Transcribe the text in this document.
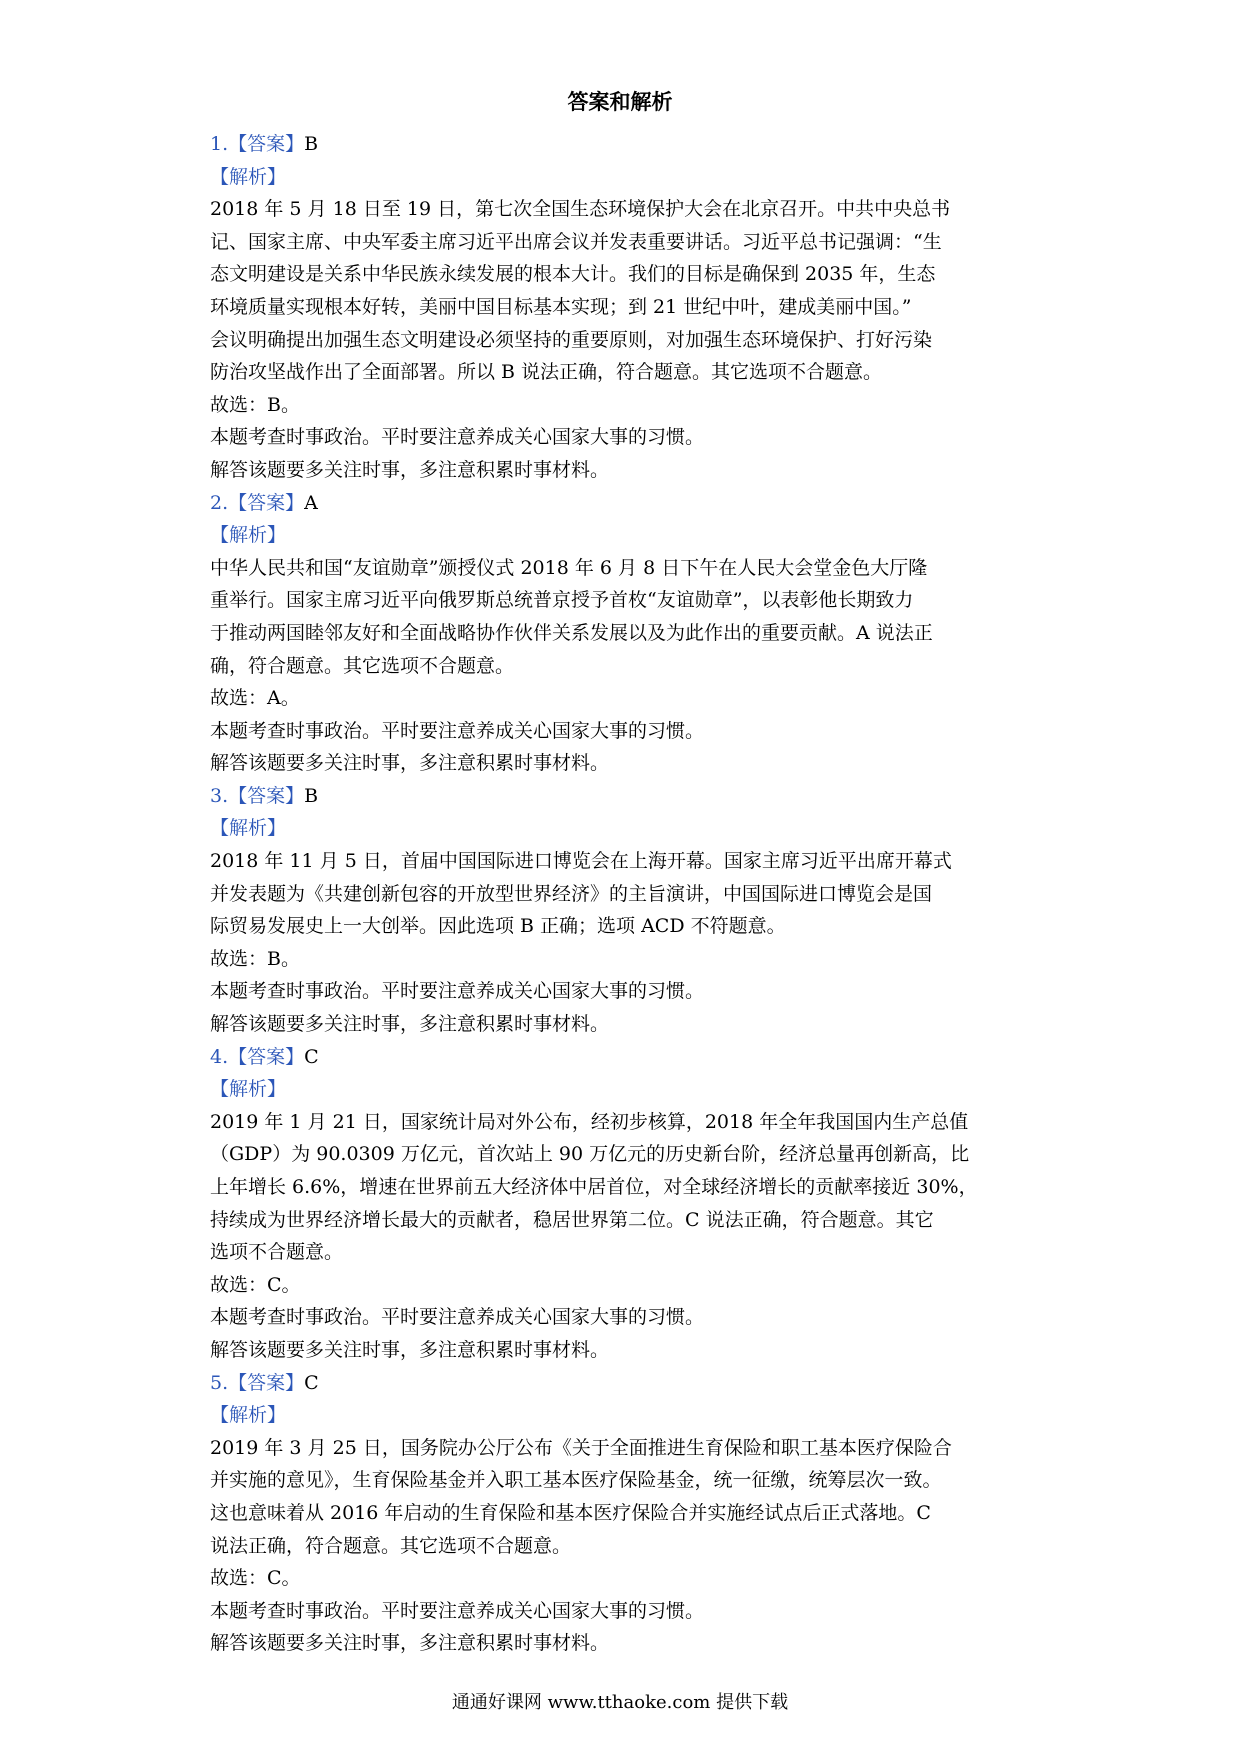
答案和解析
1.【答案】B
【解析】
2018 年 5 月 18 日至 19 日，第七次全国生态环境保护大会在北京召开。中共中央总书
记、国家主席、中央军委主席习近平出席会议并发表重要讲话。习近平总书记强调：“生
态文明建设是关系中华民族永续发展的根本大计。我们的目标是确保到 2035 年，生态
环境质量实现根本好转，美丽中国目标基本实现；到 21 世纪中叶，建成美丽中国。”
会议明确提出加强生态文明建设必须坚持的重要原则，对加强生态环境保护、打好污染
防治攻坚战作出了全面部署。所以 B 说法正确，符合题意。其它选项不合题意。
故选：B。
本题考查时事政治。平时要注意养成关心国家大事的习惯。
解答该题要多关注时事，多注意积累时事材料。
2.【答案】A
【解析】
中华人民共和国“友谊勋章”颁授仪式 2018 年 6 月 8 日下午在人民大会堂金色大厅隆
重举行。国家主席习近平向俄罗斯总统普京授予首枚“友谊勋章”，以表彰他长期致力
于推动两国睦邻友好和全面战略协作伙伴关系发展以及为此作出的重要贡献。A 说法正
确，符合题意。其它选项不合题意。
故选：A。
本题考查时事政治。平时要注意养成关心国家大事的习惯。
解答该题要多关注时事，多注意积累时事材料。
3.【答案】B
【解析】
2018 年 11 月 5 日，首届中国国际进口博览会在上海开幕。国家主席习近平出席开幕式
并发表题为《共建创新包容的开放型世界经济》的主旨演讲，中国国际进口博览会是国
际贸易发展史上一大创举。因此选项 B 正确；选项 ACD 不符题意。
故选：B。
本题考查时事政治。平时要注意养成关心国家大事的习惯。
解答该题要多关注时事，多注意积累时事材料。
4.【答案】C
【解析】
2019 年 1 月 21 日，国家统计局对外公布，经初步核算，2018 年全年我国国内生产总值
（GDP）为 90.0309 万亿元，首次站上 90 万亿元的历史新台阶，经济总量再创新高，比
上年增长 6.6%，增速在世界前五大经济体中居首位，对全球经济增长的贡献率接近 30%，
持续成为世界经济增长最大的贡献者，稳居世界第二位。C 说法正确，符合题意。其它
选项不合题意。
故选：C。
本题考查时事政治。平时要注意养成关心国家大事的习惯。
解答该题要多关注时事，多注意积累时事材料。
5.【答案】C
【解析】
2019 年 3 月 25 日，国务院办公厅公布《关于全面推进生育保险和职工基本医疗保险合
并实施的意见》，生育保险基金并入职工基本医疗保险基金，统一征缴，统筹层次一致。
这也意味着从 2016 年启动的生育保险和基本医疗保险合并实施经试点后正式落地。C
说法正确，符合题意。其它选项不合题意。
故选：C。
本题考查时事政治。平时要注意养成关心国家大事的习惯。
解答该题要多关注时事，多注意积累时事材料。
通通好课网 www.tthaoke.com 提供下载
